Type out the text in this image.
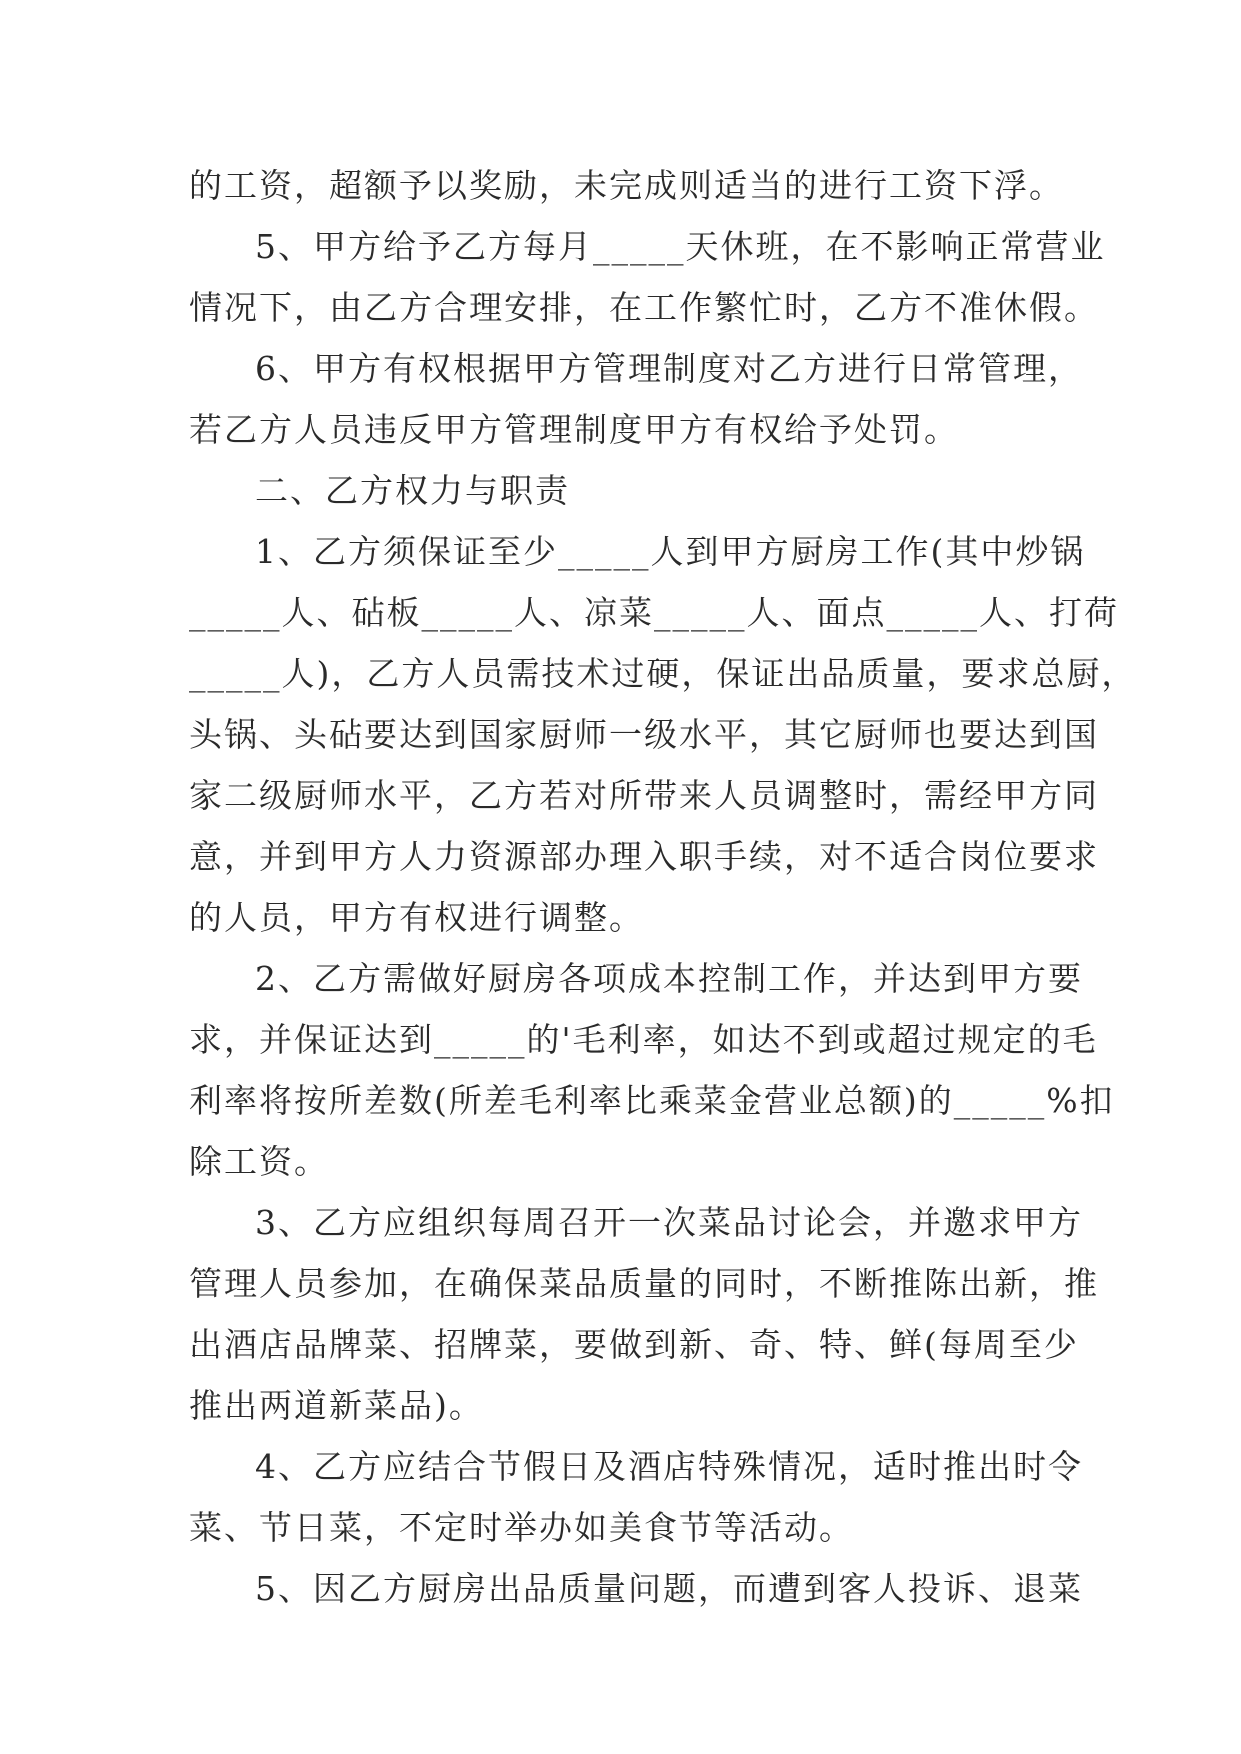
的工资，超额予以奖励，未完成则适当的进行工资下浮。
5、甲方给予乙方每月_____天休班，在不影响正常营业
情况下，由乙方合理安排，在工作繁忙时，乙方不准休假。
6、甲方有权根据甲方管理制度对乙方进行日常管理，
若乙方人员违反甲方管理制度甲方有权给予处罚。
二、乙方权力与职责
1、乙方须保证至少_____人到甲方厨房工作(其中炒锅
_____人、砧板_____人、凉菜_____人、面点_____人、打荷
_____人)，乙方人员需技术过硬，保证出品质量，要求总厨，
头锅、头砧要达到国家厨师一级水平，其它厨师也要达到国
家二级厨师水平，乙方若对所带来人员调整时，需经甲方同
意，并到甲方人力资源部办理入职手续，对不适合岗位要求
的人员，甲方有权进行调整。
2、乙方需做好厨房各项成本控制工作，并达到甲方要
求，并保证达到_____的'毛利率，如达不到或超过规定的毛
利率将按所差数(所差毛利率比乘菜金营业总额)的_____%扣
除工资。
3、乙方应组织每周召开一次菜品讨论会，并邀求甲方
管理人员参加，在确保菜品质量的同时，不断推陈出新，推
出酒店品牌菜、招牌菜，要做到新、奇、特、鲜(每周至少
推出两道新菜品)。
4、乙方应结合节假日及酒店特殊情况，适时推出时令
菜、节日菜，不定时举办如美食节等活动。
5、因乙方厨房出品质量问题，而遭到客人投诉、退菜
